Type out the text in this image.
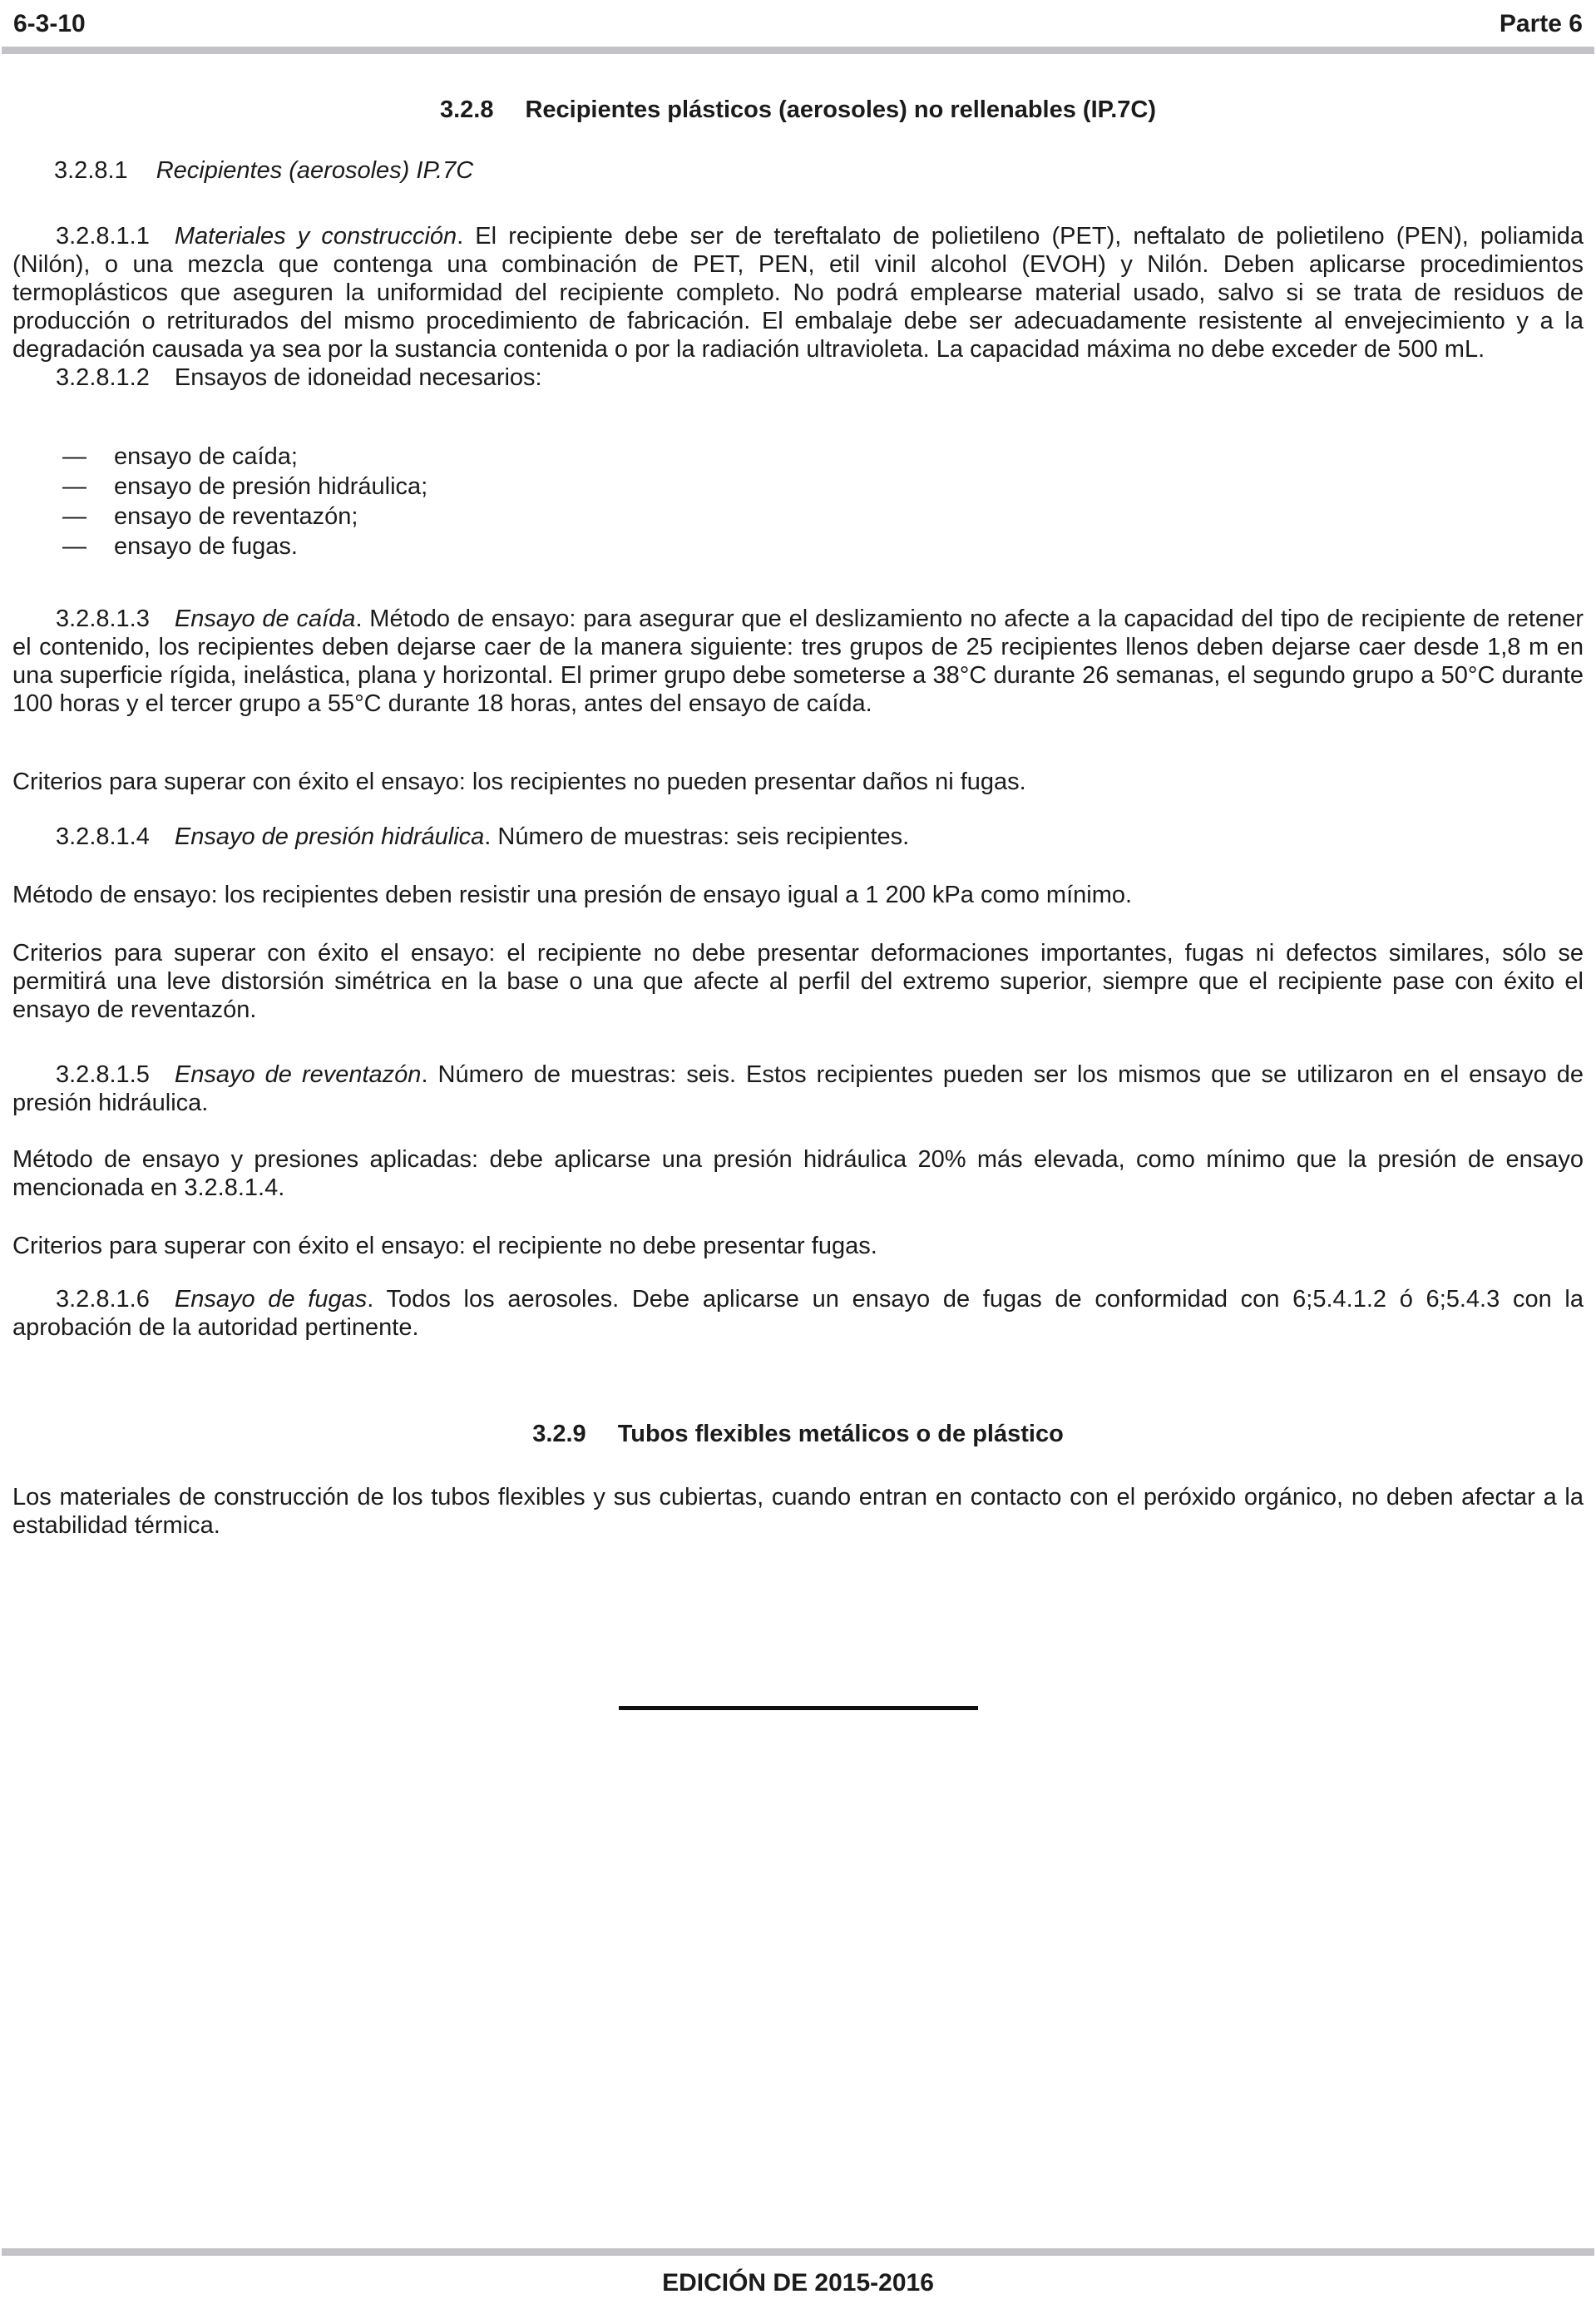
6-3-10	Parte 6
3.2.8 Recipientes plásticos (aerosoles) no rellenables (IP.7C)
3.2.8.1 Recipientes (aerosoles) IP.7C

3.2.8.1.1 Materiales y construcción. El recipiente debe ser de tereftalato de polietileno (PET), neftalato de polietileno (PEN), poliamida (Nilón), o una mezcla que contenga una combinación de PET, PEN, etil vinil alcohol (EVOH) y Nilón. Deben aplicarse procedimientos termoplásticos que aseguren la uniformidad del recipiente completo. No podrá emplearse material usado, salvo si se trata de residuos de producción o retriturados del mismo procedimiento de fabricación. El embalaje debe ser adecuadamente resistente al envejecimiento y a la degradación causada ya sea por la sustancia contenida o por la radiación ultravioleta. La capacidad máxima no debe exceder de 500 mL.

3.2.8.1.2 Ensayos de idoneidad necesarios:

—	ensayo de caída;
—	ensayo de presión hidráulica;
—	ensayo de reventazón;
—	ensayo de fugas.

3.2.8.1.3 Ensayo de caída. Método de ensayo: para asegurar que el deslizamiento no afecte a la capacidad del tipo de recipiente de retener el contenido, los recipientes deben dejarse caer de la manera siguiente: tres grupos de 25 recipientes llenos deben dejarse caer desde 1,8 m en una superficie rígida, inelástica, plana y horizontal. El primer grupo debe someterse a 38°C durante 26 semanas, el segundo grupo a 50°C durante 100 horas y el tercer grupo a 55°C durante 18 horas, antes del ensayo de caída.

Criterios para superar con éxito el ensayo: los recipientes no pueden presentar daños ni fugas.

3.2.8.1.4 Ensayo de presión hidráulica. Número de muestras: seis recipientes.

Método de ensayo: los recipientes deben resistir una presión de ensayo igual a 1 200 kPa como mínimo.

Criterios para superar con éxito el ensayo: el recipiente no debe presentar deformaciones importantes, fugas ni defectos similares, sólo se permitirá una leve distorsión simétrica en la base o una que afecte al perfil del extremo superior, siempre que el recipiente pase con éxito el ensayo de reventazón.

3.2.8.1.5 Ensayo de reventazón. Número de muestras: seis. Estos recipientes pueden ser los mismos que se utilizaron en el ensayo de presión hidráulica.

Método de ensayo y presiones aplicadas: debe aplicarse una presión hidráulica 20% más elevada, como mínimo que la presión de ensayo mencionada en 3.2.8.1.4.

Criterios para superar con éxito el ensayo: el recipiente no debe presentar fugas.

3.2.8.1.6 Ensayo de fugas. Todos los aerosoles. Debe aplicarse un ensayo de fugas de conformidad con 6;5.4.1.2 ó 6;5.4.3 con la aprobación de la autoridad pertinente.

3.2.9 Tubos flexibles metálicos o de plástico

Los materiales de construcción de los tubos flexibles y sus cubiertas, cuando entran en contacto con el peróxido orgánico, no deben afectar a la estabilidad térmica.

EDICIÓN DE 2015-2016
